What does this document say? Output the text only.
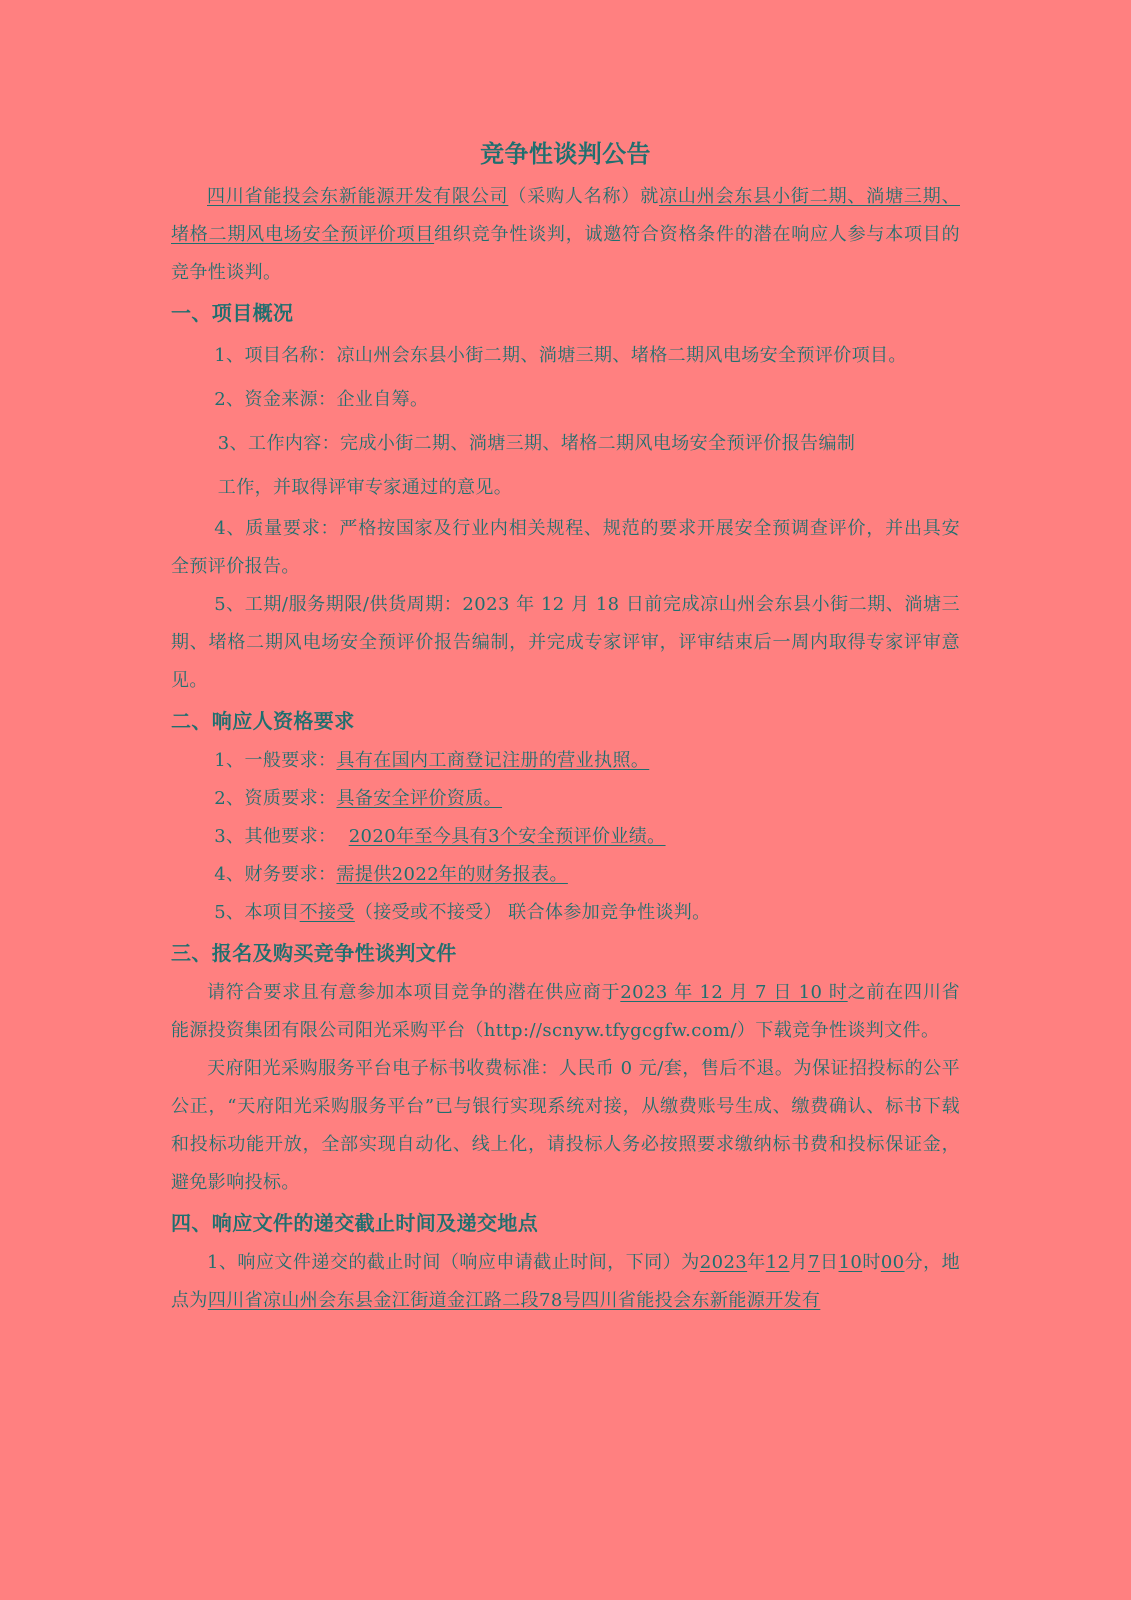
竞争性谈判公告

四川省能投会东新能源开发有限公司（采购人名称）就凉山州会东县小街二期、淌塘三期、堵格二期风电场安全预评价项目组织竞争性谈判，诚邀符合资格条件的潜在响应人参与本项目的竞争性谈判。

一、项目概况

1、项目名称：凉山州会东县小街二期、淌塘三期、堵格二期风电场安全预评价项目。

2、资金来源：企业自筹。

3、工作内容：完成小街二期、淌塘三期、堵格二期风电场安全预评价报告编制
工作，并取得评审专家通过的意见。

4、质量要求：严格按国家及行业内相关规程、规范的要求开展安全预调查评价，并出具安全预评价报告。

5、工期/服务期限/供货周期：2023 年 12 月 18 日前完成凉山州会东县小街二期、淌塘三期、堵格二期风电场安全预评价报告编制，并完成专家评审，评审结束后一周内取得专家评审意见。

二、响应人资格要求

1、一般要求：具有在国内工商登记注册的营业执照。

2、资质要求：具备安全评价资质。

3、其他要求： 2020年至今具有3个安全预评价业绩。

4、财务要求：需提供2022年的财务报表。

5、本项目不接受（接受或不接受） 联合体参加竞争性谈判。

三、报名及购买竞争性谈判文件

请符合要求且有意参加本项目竞争的潜在供应商于2023 年 12 月 7 日 10 时之前在四川省能源投资集团有限公司阳光采购平台（http://scnyw.tfygcgfw.com/）下载竞争性谈判文件。

天府阳光采购服务平台电子标书收费标准：人民币 0 元/套，售后不退。为保证招投标的公平公正，“天府阳光采购服务平台”已与银行实现系统对接，从缴费账号生成、缴费确认、标书下载和投标功能开放，全部实现自动化、线上化，请投标人务必按照要求缴纳标书费和投标保证金，避免影响投标。

四、响应文件的递交截止时间及递交地点

1、响应文件递交的截止时间（响应申请截止时间，下同）为2023年12月7日10时00分，地点为四川省凉山州会东县金江街道金江路二段78号四川省能投会东新能源开发有
